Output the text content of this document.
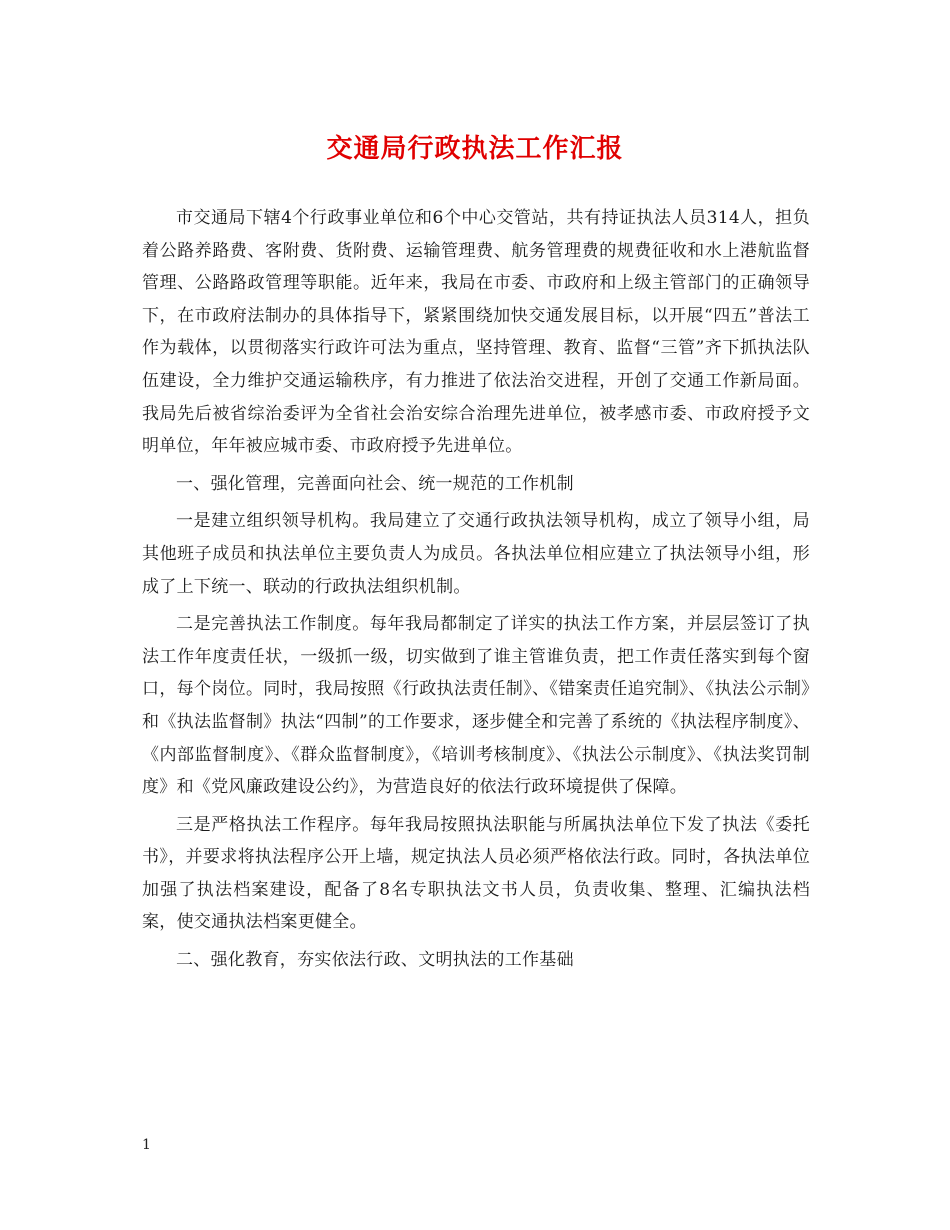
交通局行政执法工作汇报

市交通局下辖4个行政事业单位和6个中心交管站，共有持证执法人员314人，担负着公路养路费、客附费、货附费、运输管理费、航务管理费的规费征收和水上港航监督管理、公路路政管理等职能。近年来，我局在市委、市政府和上级主管部门的正确领导下，在市政府法制办的具体指导下，紧紧围绕加快交通发展目标，以开展“四五”普法工作为载体，以贯彻落实行政许可法为重点，坚持管理、教育、监督“三管”齐下抓执法队伍建设，全力维护交通运输秩序，有力推进了依法治交进程，开创了交通工作新局面。我局先后被省综治委评为全省社会治安综合治理先进单位，被孝感市委、市政府授予文明单位，年年被应城市委、市政府授予先进单位。

一、强化管理，完善面向社会、统一规范的工作机制

一是建立组织领导机构。我局建立了交通行政执法领导机构，成立了领导小组，局其他班子成员和执法单位主要负责人为成员。各执法单位相应建立了执法领导小组，形成了上下统一、联动的行政执法组织机制。

二是完善执法工作制度。每年我局都制定了详实的执法工作方案，并层层签订了执法工作年度责任状，一级抓一级，切实做到了谁主管谁负责，把工作责任落实到每个窗口，每个岗位。同时，我局按照《行政执法责任制》、《错案责任追究制》、《执法公示制》和《执法监督制》执法“四制”的工作要求，逐步健全和完善了系统的《执法程序制度》、《内部监督制度》、《群众监督制度》，《培训考核制度》、《执法公示制度》、《执法奖罚制度》和《党风廉政建设公约》，为营造良好的依法行政环境提供了保障。

三是严格执法工作程序。每年我局按照执法职能与所属执法单位下发了执法《委托书》，并要求将执法程序公开上墙，规定执法人员必须严格依法行政。同时，各执法单位加强了执法档案建设，配备了8名专职执法文书人员，负责收集、整理、汇编执法档案，使交通执法档案更健全。

二、强化教育，夯实依法行政、文明执法的工作基础

1
